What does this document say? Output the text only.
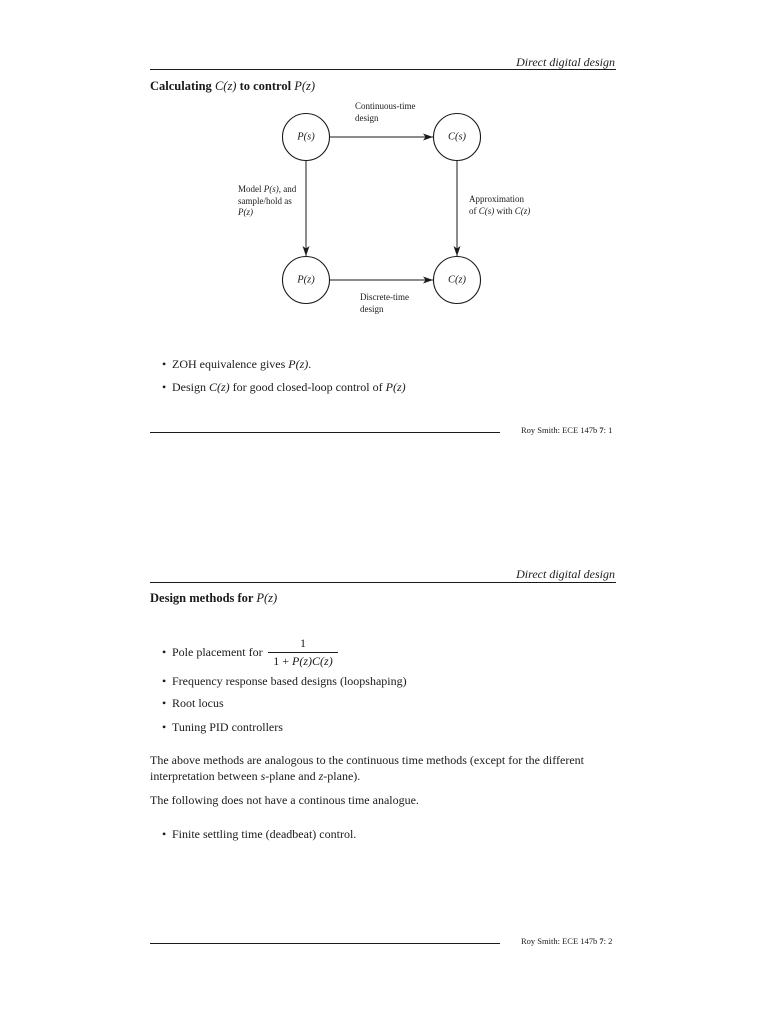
Direct digital design
Calculating C(z) to control P(z)
P(s)	C(s)
P(z)	C(z)
Continuous-time
design
Model P(s), and
sample/hold as
P(z)
Approximation
of C(s) with C(z)
Discrete-time
design
• ZOH equivalence gives P(z).
• Design C(z) for good closed-loop control of P(z)
Roy Smith: ECE 147b 7: 1
Direct digital design
Design methods for P(z)
• Pole placement for
1
1 + P(z)C(z)
• Frequency response based designs (loopshaping)
• Root locus
• Tuning PID controllers
The above methods are analogous to the continuous time methods (except for the different
interpretation between s-plane and z-plane).
The following does not have a continous time analogue.
• Finite settling time (deadbeat) control.
Roy Smith: ECE 147b 7: 2
